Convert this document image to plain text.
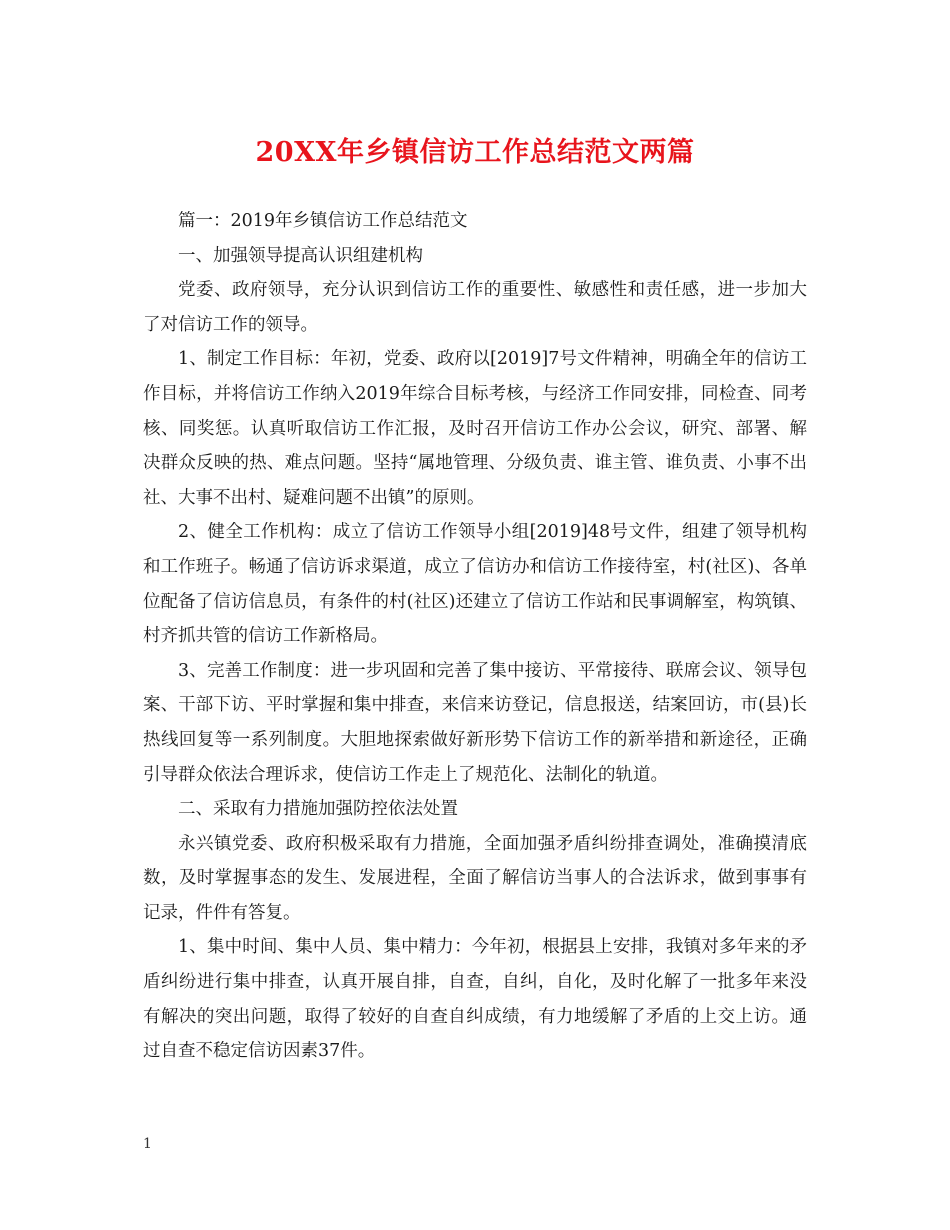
20XX年乡镇信访工作总结范文两篇

篇一：2019年乡镇信访工作总结范文

一、加强领导提高认识组建机构

党委、政府领导，充分认识到信访工作的重要性、敏感性和责任感，进一步加大了对信访工作的领导。

1、制定工作目标：年初，党委、政府以[2019]7号文件精神，明确全年的信访工作目标，并将信访工作纳入2019年综合目标考核，与经济工作同安排，同检查、同考核、同奖惩。认真听取信访工作汇报，及时召开信访工作办公会议，研究、部署、解决群众反映的热、难点问题。坚持“属地管理、分级负责、谁主管、谁负责、小事不出社、大事不出村、疑难问题不出镇”的原则。

2、健全工作机构：成立了信访工作领导小组[2019]48号文件，组建了领导机构和工作班子。畅通了信访诉求渠道，成立了信访办和信访工作接待室，村(社区)、各单位配备了信访信息员，有条件的村(社区)还建立了信访工作站和民事调解室，构筑镇、村齐抓共管的信访工作新格局。

3、完善工作制度：进一步巩固和完善了集中接访、平常接待、联席会议、领导包案、干部下访、平时掌握和集中排查，来信来访登记，信息报送，结案回访，市(县)长热线回复等一系列制度。大胆地探索做好新形势下信访工作的新举措和新途径，正确引导群众依法合理诉求，使信访工作走上了规范化、法制化的轨道。

二、采取有力措施加强防控依法处置

永兴镇党委、政府积极采取有力措施，全面加强矛盾纠纷排查调处，准确摸清底数，及时掌握事态的发生、发展进程，全面了解信访当事人的合法诉求，做到事事有记录，件件有答复。

1、集中时间、集中人员、集中精力：今年初，根据县上安排，我镇对多年来的矛盾纠纷进行集中排查，认真开展自排，自查，自纠，自化，及时化解了一批多年来没有解决的突出问题，取得了较好的自查自纠成绩，有力地缓解了矛盾的上交上访。通过自查不稳定信访因素37件。

1
